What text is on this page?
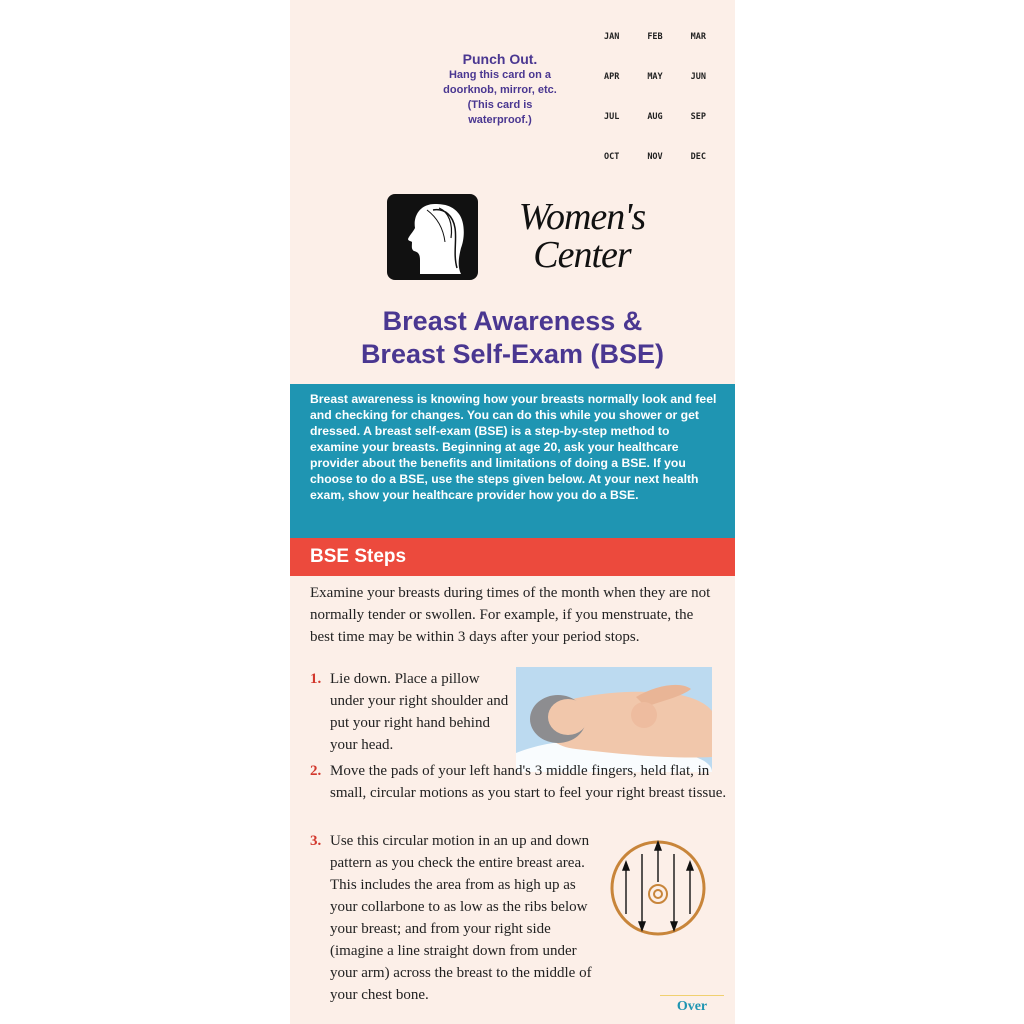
Punch Out.
Hang this card on a doorknob, mirror, etc. (This card is waterproof.)
JAN	FEB	MAR
APR	MAY	JUN
JUL	AUG	SEP
OCT	NOV	DEC
Women's
Center
Breast Awareness &
Breast Self-Exam (BSE)
Breast awareness is knowing how your breasts normally look and feel and checking for changes. You can do this while you shower or get dressed. A breast self-exam (BSE) is a step-by-step method to examine your breasts. Beginning at age 20, ask your healthcare provider about the benefits and limitations of doing a BSE. If you choose to do a BSE, use the steps given below. At your next health exam, show your healthcare provider how you do a BSE.
BSE Steps
Examine your breasts during times of the month when they are not normally tender or swollen. For example, if you menstruate, the best time may be within 3 days after your period stops.
1. Lie down. Place a pillow under your right shoulder and put your right hand behind your head.
2. Move the pads of your left hand's 3 middle fingers, held flat, in small, circular motions as you start to feel your right breast tissue.
3. Use this circular motion in an up and down pattern as you check the entire breast area. This includes the area from as high up as your collarbone to as low as the ribs below your breast; and from your right side (imagine a line straight down from under your arm) across the breast to the middle of your chest bone.
Over
